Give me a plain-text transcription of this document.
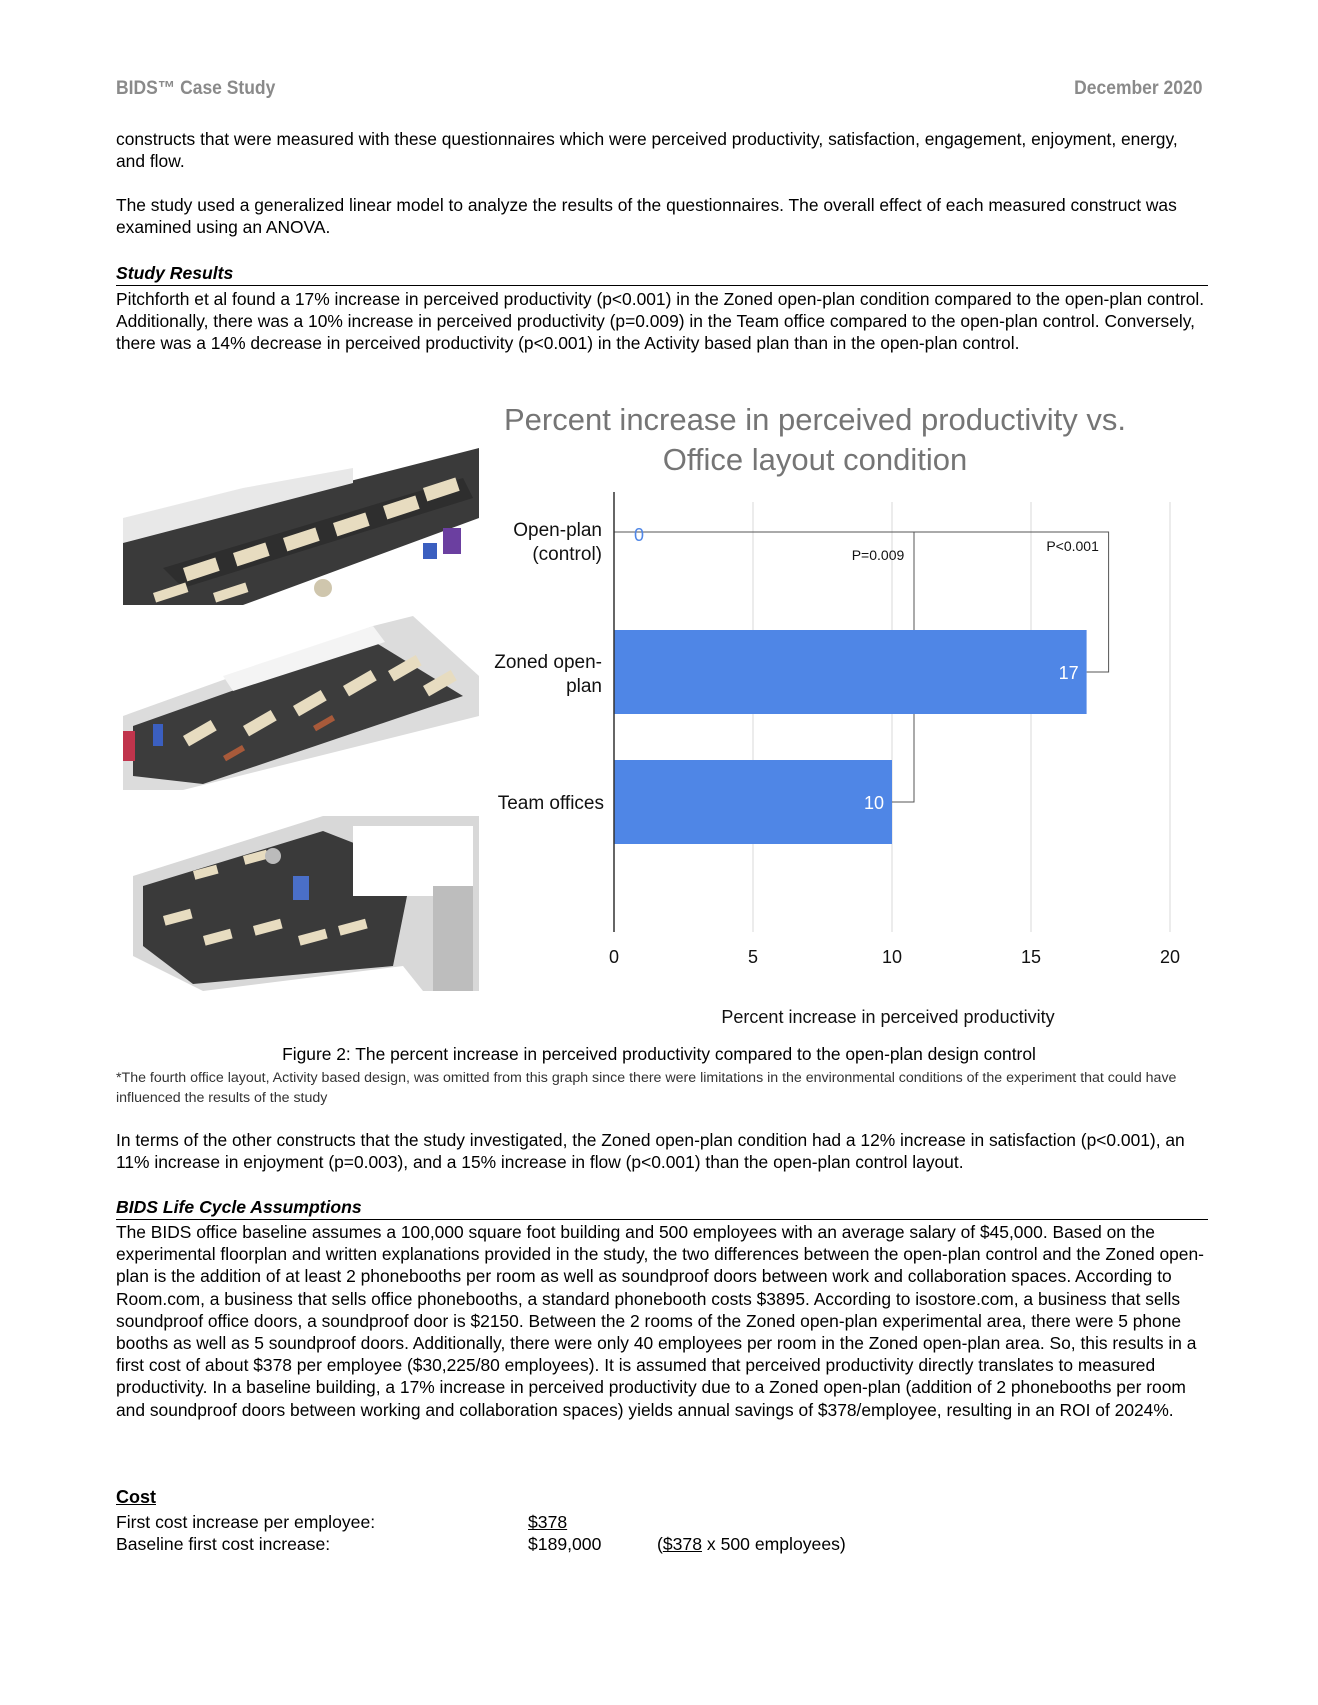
BIDS™ Case Study	December 2020

constructs that were measured with these questionnaires which were perceived productivity, satisfaction, engagement, enjoyment, energy, and flow.

The study used a generalized linear model to analyze the results of the questionnaires. The overall effect of each measured construct was examined using an ANOVA.

Study Results

Pitchforth et al found a 17% increase in perceived productivity (p<0.001) in the Zoned open-plan condition compared to the open-plan control. Additionally, there was a 10% increase in perceived productivity (p=0.009) in the Team office compared to the open-plan control. Conversely, there was a 14% decrease in perceived productivity (p<0.001) in the Activity based plan than in the open-plan control.

Percent increase in perceived productivity vs.
Office layout condition
0	5	10	15	20
P=0.009
P<0.001
0
Open-plan
(control)
17
Zoned open-
plan
10
Team offices
Percent increase in perceived productivity
Figure 2: The percent increase in perceived productivity compared to the open-plan design control

*The fourth office layout, Activity based design, was omitted from this graph since there were limitations in the environmental conditions of the experiment that could have influenced the results of the study

In terms of the other constructs that the study investigated, the Zoned open-plan condition had a 12% increase in satisfaction (p<0.001), an 11% increase in enjoyment (p=0.003), and a 15% increase in flow (p<0.001) than the open-plan control layout.

BIDS Life Cycle Assumptions

The BIDS office baseline assumes a 100,000 square foot building and 500 employees with an average salary of $45,000. Based on the experimental floorplan and written explanations provided in the study, the two differences between the open-plan control and the Zoned open-plan is the addition of at least 2 phonebooths per room as well as soundproof doors between work and collaboration spaces. According to Room.com, a business that sells office phonebooths, a standard phonebooth costs $3895. According to isostore.com, a business that sells soundproof office doors, a soundproof door is $2150. Between the 2 rooms of the Zoned open-plan experimental area, there were 5 phone booths as well as 5 soundproof doors. Additionally, there were only 40 employees per room in the Zoned open-plan area. So, this results in a first cost of about $378 per employee ($30,225/80 employees). It is assumed that perceived productivity directly translates to measured productivity. In a baseline building, a 17% increase in perceived productivity due to a Zoned open-plan (addition of 2 phonebooths per room and soundproof doors between working and collaboration spaces) yields annual savings of $378/employee, resulting in an ROI of 2024%.

Cost
First cost increase per employee:	$378
Baseline first cost increase:	$189,000	($378 x 500 employees)
